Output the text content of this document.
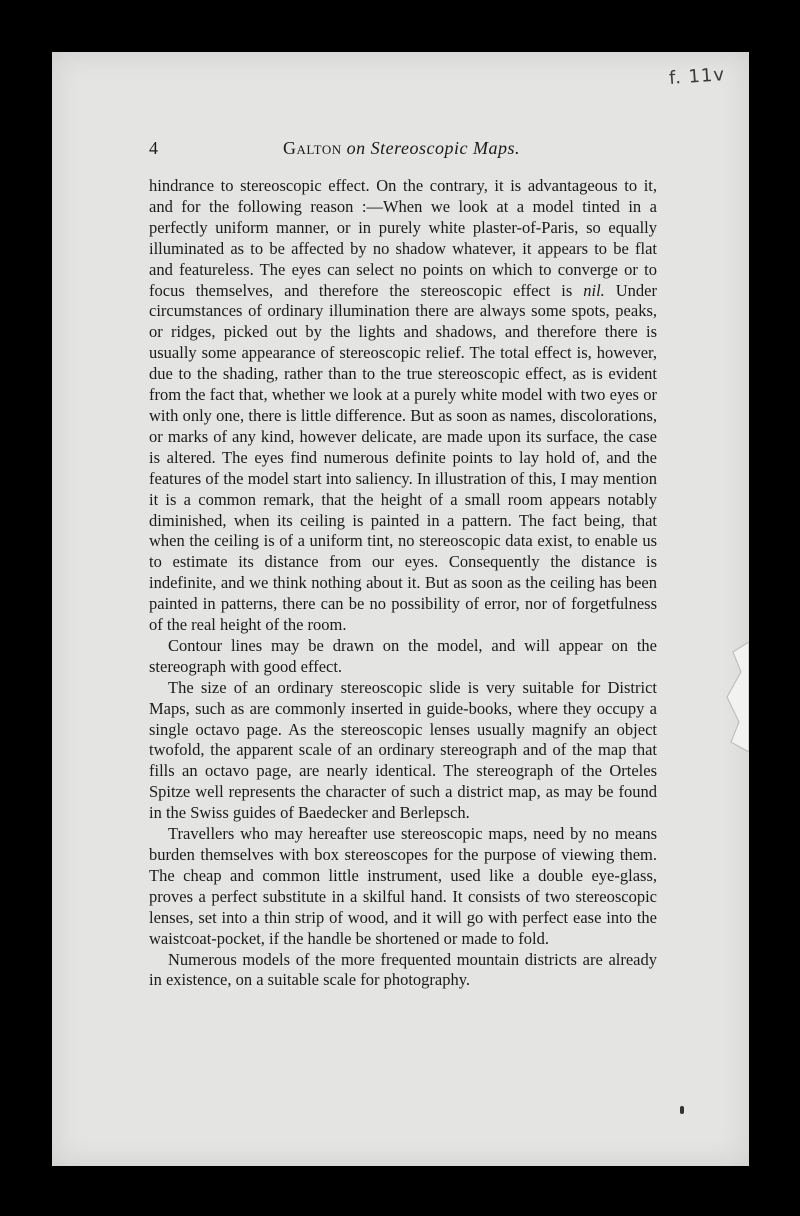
f. 11v
4	Galton on Stereoscopic Maps.

hindrance to stereoscopic effect. On the contrary, it is advantageous to it, and for the following reason :—When we look at a model tinted in a perfectly uniform manner, or in purely white plaster-of-Paris, so equally illuminated as to be affected by no shadow whatever, it appears to be flat and featureless. The eyes can select no points on which to converge or to focus themselves, and therefore the stereoscopic effect is nil. Under circumstances of ordinary illumination there are always some spots, peaks, or ridges, picked out by the lights and shadows, and therefore there is usually some appearance of stereoscopic relief. The total effect is, however, due to the shading, rather than to the true stereoscopic effect, as is evident from the fact that, whether we look at a purely white model with two eyes or with only one, there is little difference. But as soon as names, discolorations, or marks of any kind, however delicate, are made upon its surface, the case is altered. The eyes find numerous definite points to lay hold of, and the features of the model start into saliency. In illustration of this, I may mention it is a common remark, that the height of a small room appears notably diminished, when its ceiling is painted in a pattern. The fact being, that when the ceiling is of a uniform tint, no stereoscopic data exist, to enable us to estimate its distance from our eyes. Consequently the distance is indefinite, and we think nothing about it. But as soon as the ceiling has been painted in patterns, there can be no possibility of error, nor of forgetfulness of the real height of the room.

Contour lines may be drawn on the model, and will appear on the stereograph with good effect.

The size of an ordinary stereoscopic slide is very suitable for District Maps, such as are commonly inserted in guide-books, where they occupy a single octavo page. As the stereoscopic lenses usually magnify an object twofold, the apparent scale of an ordinary stereograph and of the map that fills an octavo page, are nearly identical. The stereograph of the Orteles Spitze well represents the character of such a district map, as may be found in the Swiss guides of Baedecker and Berlepsch.

Travellers who may hereafter use stereoscopic maps, need by no means burden themselves with box stereoscopes for the purpose of viewing them. The cheap and common little instrument, used like a double eye-glass, proves a perfect substitute in a skilful hand. It consists of two stereoscopic lenses, set into a thin strip of wood, and it will go with perfect ease into the waistcoat-pocket, if the handle be shortened or made to fold.

Numerous models of the more frequented mountain districts are already in existence, on a suitable scale for photography.
